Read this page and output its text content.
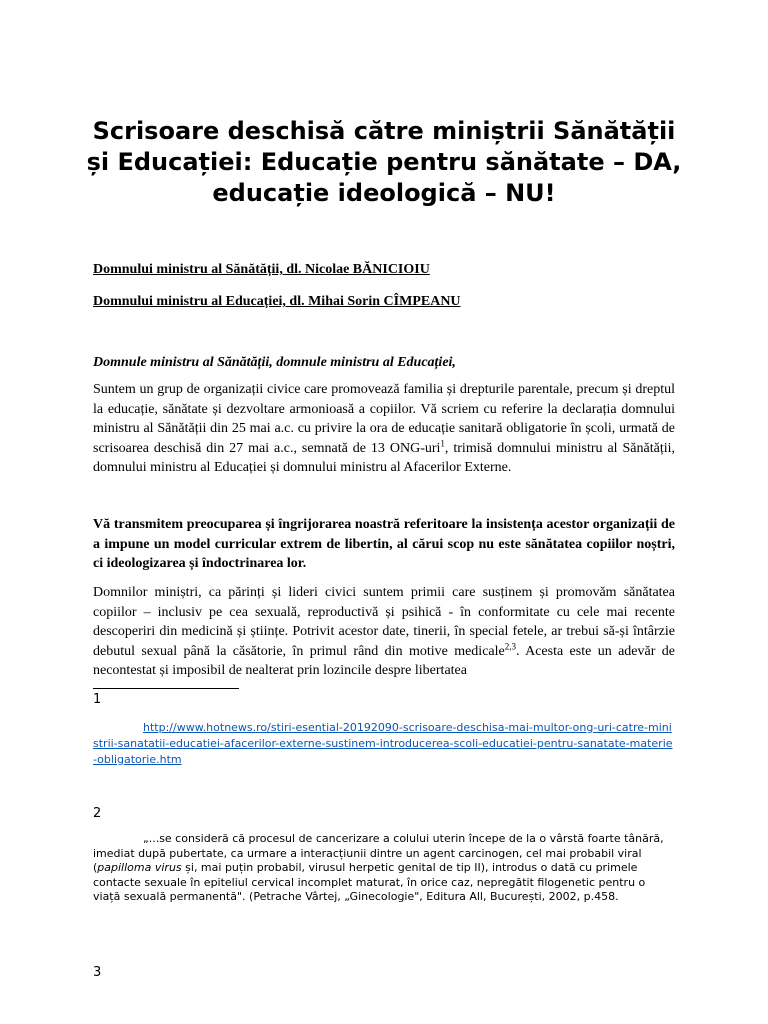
Scrisoare deschisă către miniștrii Sănătății și Educației: Educație pentru sănătate – DA, educație ideologică – NU!

Domnului ministru al Sănătății, dl. Nicolae BĂNICIOIU

Domnului ministru al Educației, dl. Mihai Sorin CÎMPEANU

Domnule ministru al Sănătății, domnule ministru al Educației,

Suntem un grup de organizații civice care promovează familia și drepturile parentale, precum și dreptul la educație, sănătate și dezvoltare armonioasă a copiilor. Vă scriem cu referire la declarația domnului ministru al Sănătății din 25 mai a.c. cu privire la ora de educație sanitară obligatorie în școli, urmată de scrisoarea deschisă din 27 mai a.c., semnată de 13 ONG-uri$^1$, trimisă domnului ministru al Sănătății, domnului ministru al Educației și domnului ministru al Afacerilor Externe.

Vă transmitem preocuparea și îngrijorarea noastră referitoare la insistența acestor organizații de a impune un model curricular extrem de libertin, al cărui scop nu este sănătatea copiilor noștri, ci ideologizarea și îndoctrinarea lor.

Domnilor miniștri, ca părinți și lideri civici suntem primii care susținem și promovăm sănătatea copiilor – inclusiv pe cea sexuală, reproductivă și psihică - în conformitate cu cele mai recente descoperiri din medicină și științe. Potrivit acestor date, tinerii, în special fetele, ar trebui să-și întârzie debutul sexual până la căsătorie, în primul rând din motive medicale$^{2,3}$. Acesta este un adevăr de necontestat și imposibil de nealterat prin lozincile despre libertatea

1

http://www.hotnews.ro/stiri-esential-20192090-scrisoare-deschisa-mai-multor-ong-uri-catre-ministrii-sanatatii-educatiei-afacerilor-externe-sustinem-introducerea-scoli-educatiei-pentru-sanatate-materie-obligatorie.htm

2

„...se consideră că procesul de cancerizare a colului uterin începe de la o vârstă foarte tânără, imediat după pubertate, ca urmare a interacțiunii dintre un agent carcinogen, cel mai probabil viral (papilloma virus și, mai puțin probabil, virusul herpetic genital de tip II), introdus o dată cu primele contacte sexuale în epiteliul cervical incomplet maturat, în orice caz, nepregătit filogenetic pentru o viață sexuală permanentă". (Petrache Vârtej, „Ginecologie", Editura All, București, 2002, p.458.

3
